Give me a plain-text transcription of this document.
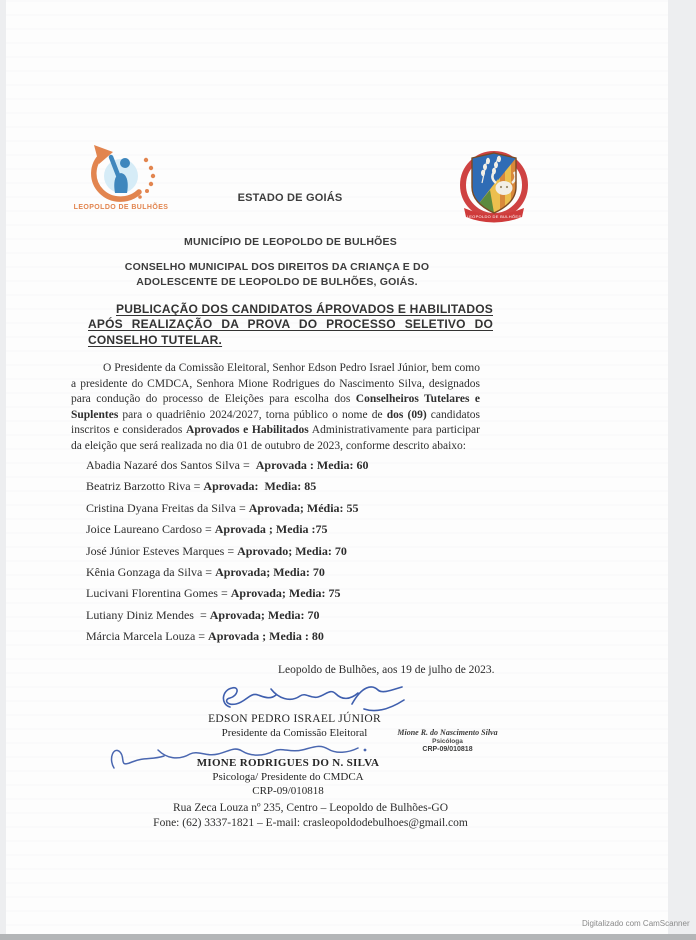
LEOPOLDO DE BULHÕES
ESTADO DE GOIÁS
LEOPOLDO DE BULHÕES
MUNICÍPIO DE LEOPOLDO DE BULHÕES
CONSELHO MUNICIPAL DOS DIREITOS DA CRIANÇA E DO
ADOLESCENTE DE LEOPOLDO DE BULHÕES, GOIÁS.
PUBLICAÇÃO DOS CANDIDATOS ÁPROVADOS E HABILITADOS APÓS REALIZAÇÃO DA PROVA DO PROCESSO SELETIVO DO CONSELHO TUTELAR.
O Presidente da Comissão Eleitoral, Senhor Edson Pedro Israel Júnior, bem como a presidente do CMDCA, Senhora Mione Rodrigues do Nascimento Silva, designados para condução do processo de Eleições para escolha dos Conselheiros Tutelares e Suplentes para o quadriênio 2024/2027, torna público o nome de dos (09) candidatos inscritos e considerados Aprovados e Habilitados Administrativamente para participar da eleição que será realizada no dia 01 de outubro de 2023, conforme descrito abaixo:
Abadia Nazaré dos Santos Silva =  Aprovada : Media: 60
Beatriz Barzotto Riva = Aprovada:  Media: 85
Cristina Dyana Freitas da Silva = Aprovada; Média: 55
Joice Laureano Cardoso = Aprovada ; Media :75
José Júnior Esteves Marques = Aprovado; Media: 70
Kênia Gonzaga da Silva = Aprovada; Media: 70
Lucivani Florentina Gomes = Aprovada; Media: 75
Lutiany Diniz Mendes  = Aprovada; Media: 70
Márcia Marcela Louza = Aprovada ; Media : 80
Leopoldo de Bulhões, aos 19 de julho de 2023.
EDSON PEDRO ISRAEL JÚNIOR
Presidente da Comissão Eleitoral	Mione R. do Nascimento Silva
Psicóloga
CRP-09/010818
MIONE RODRIGUES DO N. SILVA
Psicologa/ Presidente do CMDCA
CRP-09/010818
Rua Zeca Louza nº 235, Centro – Leopoldo de Bulhões-GO
Fone: (62) 3337-1821 – E-mail: crasleopoldodebulhoes@gmail.com
Digitalizado com CamScanner
